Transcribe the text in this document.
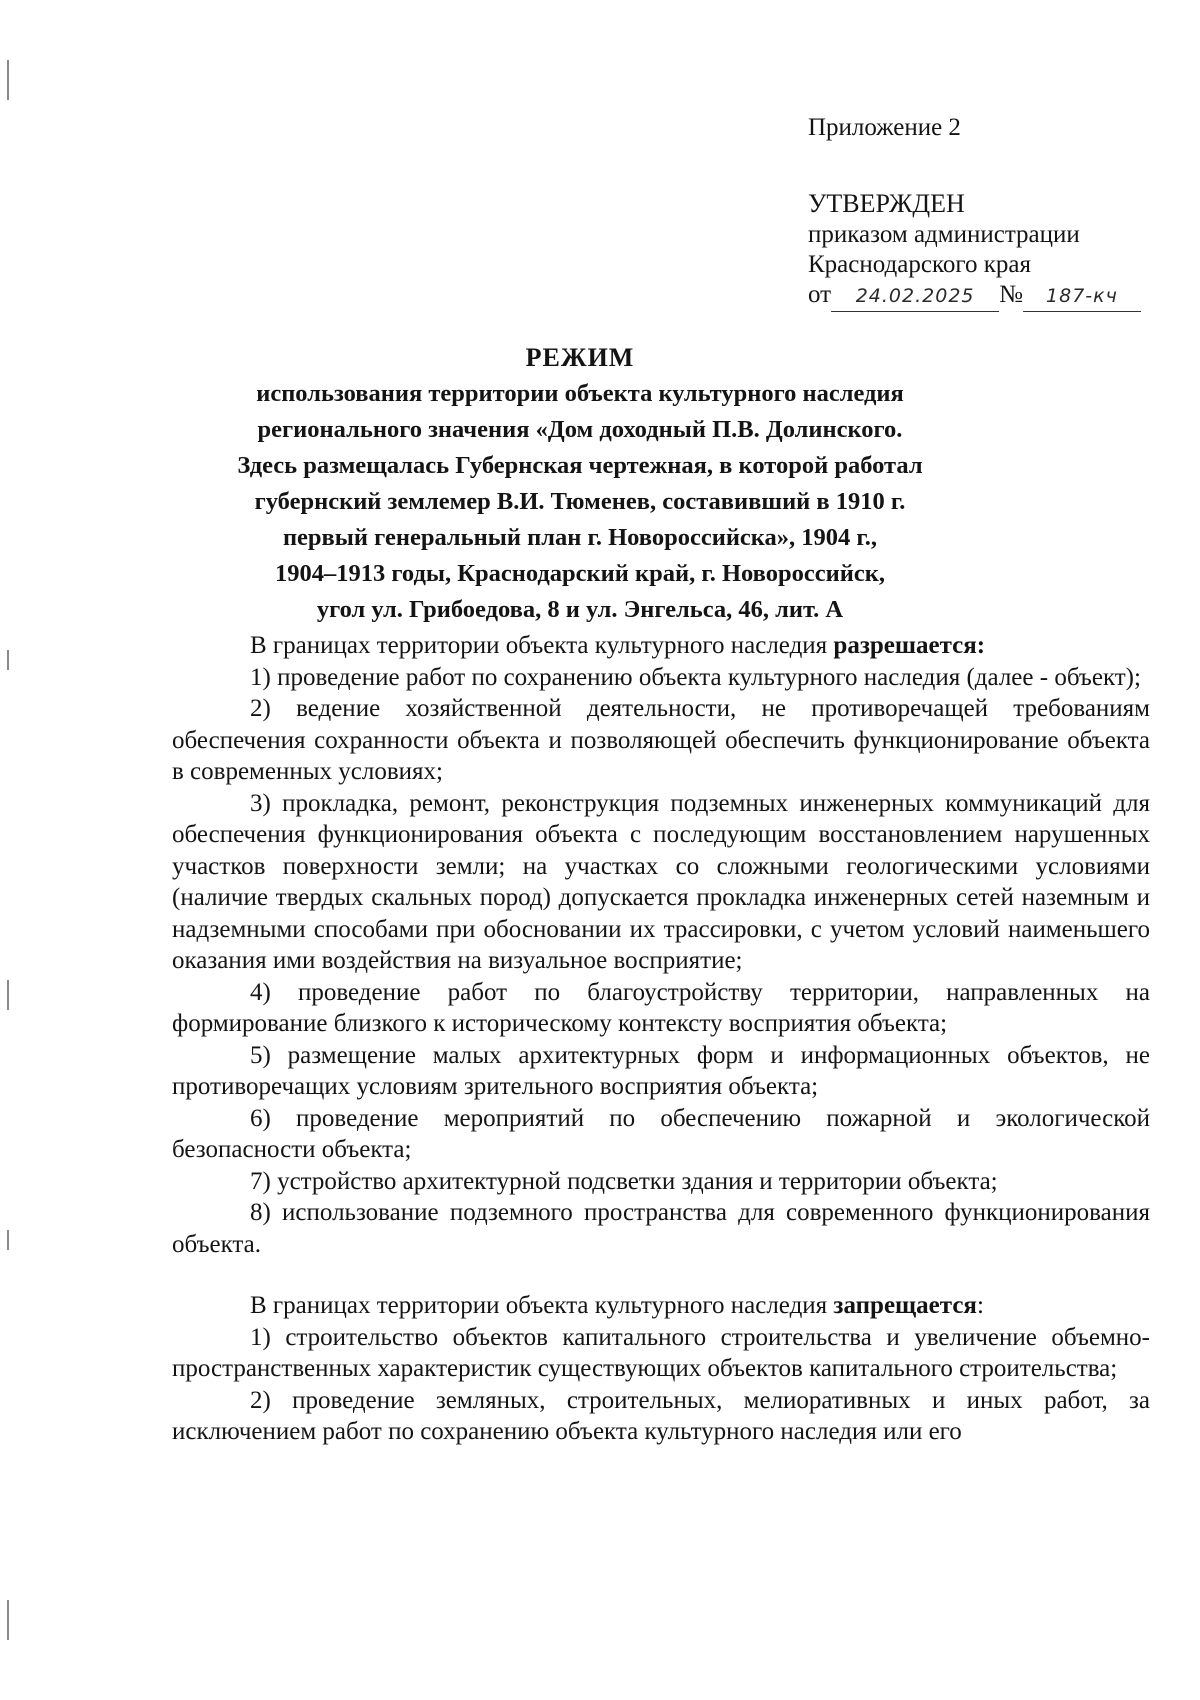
Приложение 2

УТВЕРЖДЕН

приказом администрации

Краснодарского края

от 24.02.2025 № 187-кч

РЕЖИМ

использования территории объекта культурного наследия

регионального значения «Дом доходный П.В. Долинского.

Здесь размещалась Губернская чертежная, в которой работал

губернский землемер В.И. Тюменев, составивший в 1910 г.

первый генеральный план г. Новороссийска», 1904 г.,

1904–1913 годы, Краснодарский край, г. Новороссийск,

угол ул. Грибоедова, 8 и ул. Энгельса, 46, лит. А

В границах территории объекта культурного наследия разрешается:

1) проведение работ по сохранению объекта культурного наследия (далее - объект);

2) ведение хозяйственной деятельности, не противоречащей требованиям обеспечения сохранности объекта и позволяющей обеспечить функционирование объекта в современных условиях;

3) прокладка, ремонт, реконструкция подземных инженерных коммуникаций для обеспечения функционирования объекта с последующим восстановлением нарушенных участков поверхности земли; на участках со сложными геологическими условиями (наличие твердых скальных пород) допускается прокладка инженерных сетей наземным и надземными способами при обосновании их трассировки, с учетом условий наименьшего оказания ими воздействия на визуальное восприятие;

4) проведение работ по благоустройству территории, направленных на формирование близкого к историческому контексту восприятия объекта;

5) размещение малых архитектурных форм и информационных объектов, не противоречащих условиям зрительного восприятия объекта;

6) проведение мероприятий по обеспечению пожарной и экологической безопасности объекта;

7) устройство архитектурной подсветки здания и территории объекта;

8) использование подземного пространства для современного функционирования объекта.

В границах территории объекта культурного наследия запрещается:

1) строительство объектов капитального строительства и увеличение объемно-пространственных характеристик существующих объектов капитального строительства;

2) проведение земляных, строительных, мелиоративных и иных работ, за исключением работ по сохранению объекта культурного наследия или его
